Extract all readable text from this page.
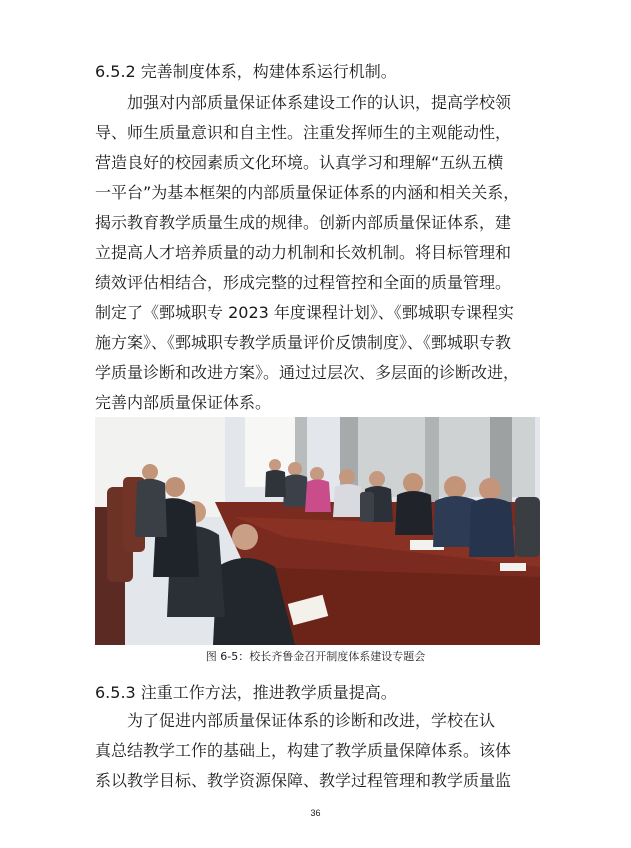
6.5.2 完善制度体系，构建体系运行机制。
加强对内部质量保证体系建设工作的认识，提高学校领
导、师生质量意识和自主性。注重发挥师生的主观能动性，
营造良好的校园素质文化环境。认真学习和理解“五纵五横
一平台”为基本框架的内部质量保证体系的内涵和相关关系，
揭示教育教学质量生成的规律。创新内部质量保证体系，建
立提高人才培养质量的动力机制和长效机制。将目标管理和
绩效评估相结合，形成完整的过程管控和全面的质量管理。
制定了《鄄城职专 2023 年度课程计划》、《鄄城职专课程实
施方案》、《鄄城职专教学质量评价反馈制度》、《鄄城职专教
学质量诊断和改进方案》。通过过层次、多层面的诊断改进，
完善内部质量保证体系。
图 6-5：校长齐鲁金召开制度体系建设专题会
6.5.3 注重工作方法，推进教学质量提高。
为了促进内部质量保证体系的诊断和改进，学校在认
真总结教学工作的基础上，构建了教学质量保障体系。该体
系以教学目标、教学资源保障、教学过程管理和教学质量监
36
